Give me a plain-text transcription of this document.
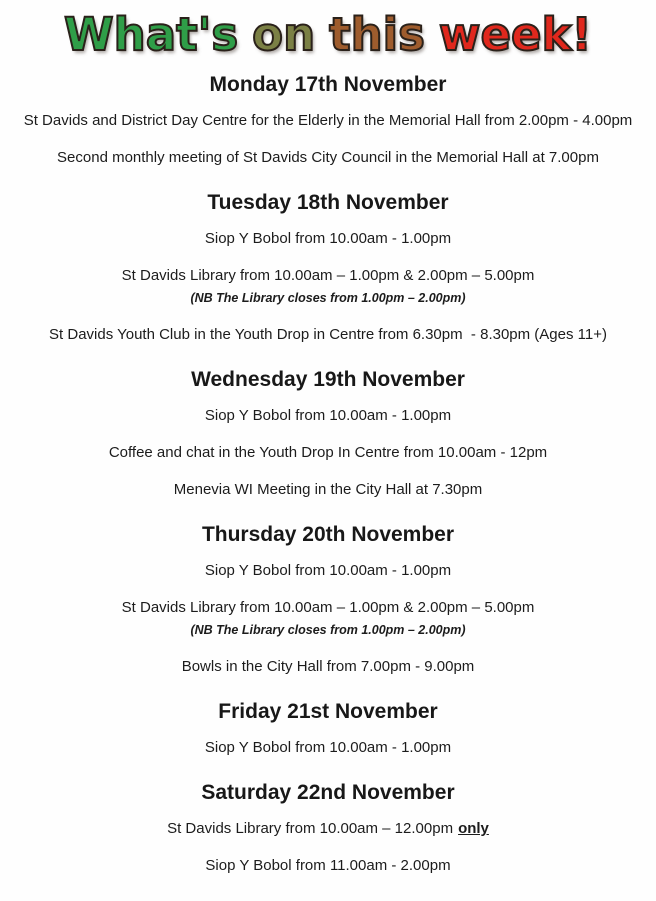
What's on this week!
Monday 17th November

St Davids and District Day Centre for the Elderly in the Memorial Hall from 2.00pm - 4.00pm

Second monthly meeting of St Davids City Council in the Memorial Hall at 7.00pm

Tuesday 18th November

Siop Y Bobol from 10.00am - 1.00pm

St Davids Library from 10.00am – 1.00pm & 2.00pm – 5.00pm

(NB The Library closes from 1.00pm – 2.00pm)

St Davids Youth Club in the Youth Drop in Centre from 6.30pm  - 8.30pm (Ages 11+)

Wednesday 19th November

Siop Y Bobol from 10.00am - 1.00pm

Coffee and chat in the Youth Drop In Centre from 10.00am - 12pm

Menevia WI Meeting in the City Hall at 7.30pm

Thursday 20th November

Siop Y Bobol from 10.00am - 1.00pm

St Davids Library from 10.00am – 1.00pm & 2.00pm – 5.00pm

(NB The Library closes from 1.00pm – 2.00pm)

Bowls in the City Hall from 7.00pm - 9.00pm

Friday 21st November

Siop Y Bobol from 10.00am - 1.00pm

Saturday 22nd November

St Davids Library from 10.00am – 12.00pm only

Siop Y Bobol from 11.00am - 2.00pm
